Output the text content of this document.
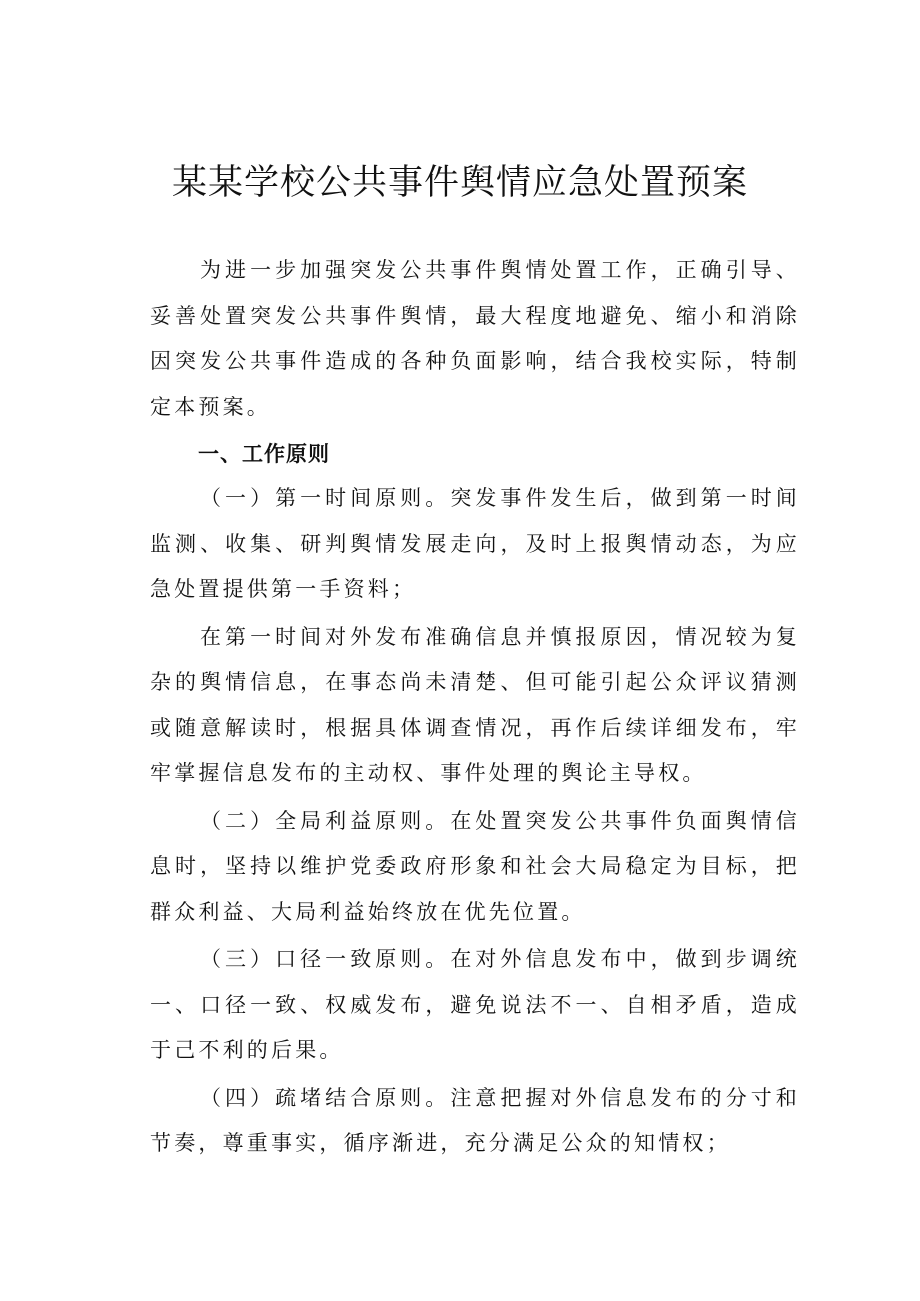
某某学校公共事件舆情应急处置预案

为进一步加强突发公共事件舆情处置工作，正确引导、妥善处置突发公共事件舆情，最大程度地避免、缩小和消除因突发公共事件造成的各种负面影响，结合我校实际，特制定本预案。

一、工作原则

（一）第一时间原则。突发事件发生后，做到第一时间监测、收集、研判舆情发展走向，及时上报舆情动态，为应急处置提供第一手资料；

在第一时间对外发布准确信息并慎报原因，情况较为复杂的舆情信息，在事态尚未清楚、但可能引起公众评议猜测或随意解读时，根据具体调查情况，再作后续详细发布，牢牢掌握信息发布的主动权、事件处理的舆论主导权。

（二）全局利益原则。在处置突发公共事件负面舆情信息时，坚持以维护党委政府形象和社会大局稳定为目标，把群众利益、大局利益始终放在优先位置。

（三）口径一致原则。在对外信息发布中，做到步调统一、口径一致、权威发布，避免说法不一、自相矛盾，造成于己不利的后果。

（四）疏堵结合原则。注意把握对外信息发布的分寸和节奏，尊重事实，循序渐进，充分满足公众的知情权；
